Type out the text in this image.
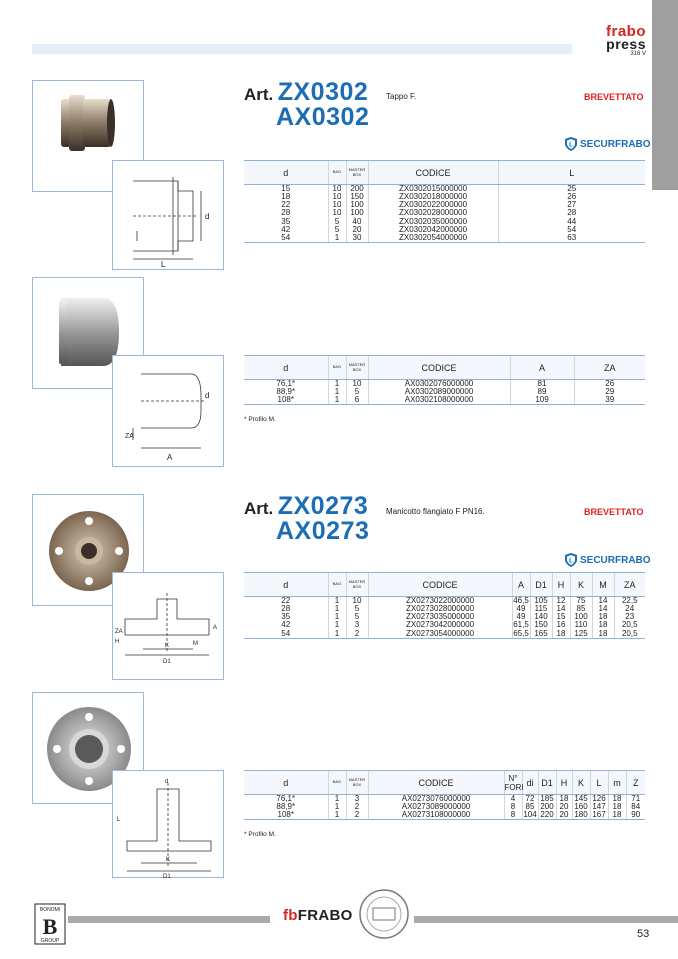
frabo
press
316 V
d
L
Art. ZX0302
AX0302
Tappo F.	BREVETTATO
L SECURFRABO
d	BAG	MASTER BOX	CODICE	L
15	10	200	ZX0302015000000	25
18	10	150	ZX0302018000000	26
22	10	100	ZX0302022000000	27
28	10	100	ZX0302028000000	28
35	5	40	ZX0302035000000	44
42	5	20	ZX0302042000000	54
54	1	30	ZX0302054000000	63
d
A
ZA
d	BAG	MASTER BOX	CODICE	A	ZA
76,1*	1	10	AX0302076000000	81	26
88,9*	1	5	AX0302089000000	89	29
108*	1	6	AX0302108000000	109	39
* Profilo M.
K
D1
M
A
ZA
H
Art. ZX0273
AX0273
Manicotto flangiato F PN16.	BREVETTATO
L SECURFRABO
d	BAG	MASTER BOX	CODICE	A	D1	H	K	M	ZA
22	1	10	ZX0273022000000	46,5	105	12	75	14	22,5
28	1	5	ZX0273028000000	49	115	14	85	14	24
35	1	5	ZX0273035000000	49	140	15	100	18	23
42	1	3	ZX0273042000000	61,5	150	16	110	18	20,5
54	1	2	ZX0273054000000	65,5	165	18	125	18	20,5
d
K
D1
L
d	BAG	MASTER BOX	CODICE	N° FORI	di	D1	H	K	L	m	Z
76,1*	1	3	AX0273076000000	4	72	185	18	145	126	18	71
88,9*	1	2	AX0273089000000	8	85	200	20	160	147	18	84
108*	1	2	AX0273108000000	8	104	220	20	180	167	18	90
* Profilo M.
BONOMI
B
GROUP
fbFRABO
53
